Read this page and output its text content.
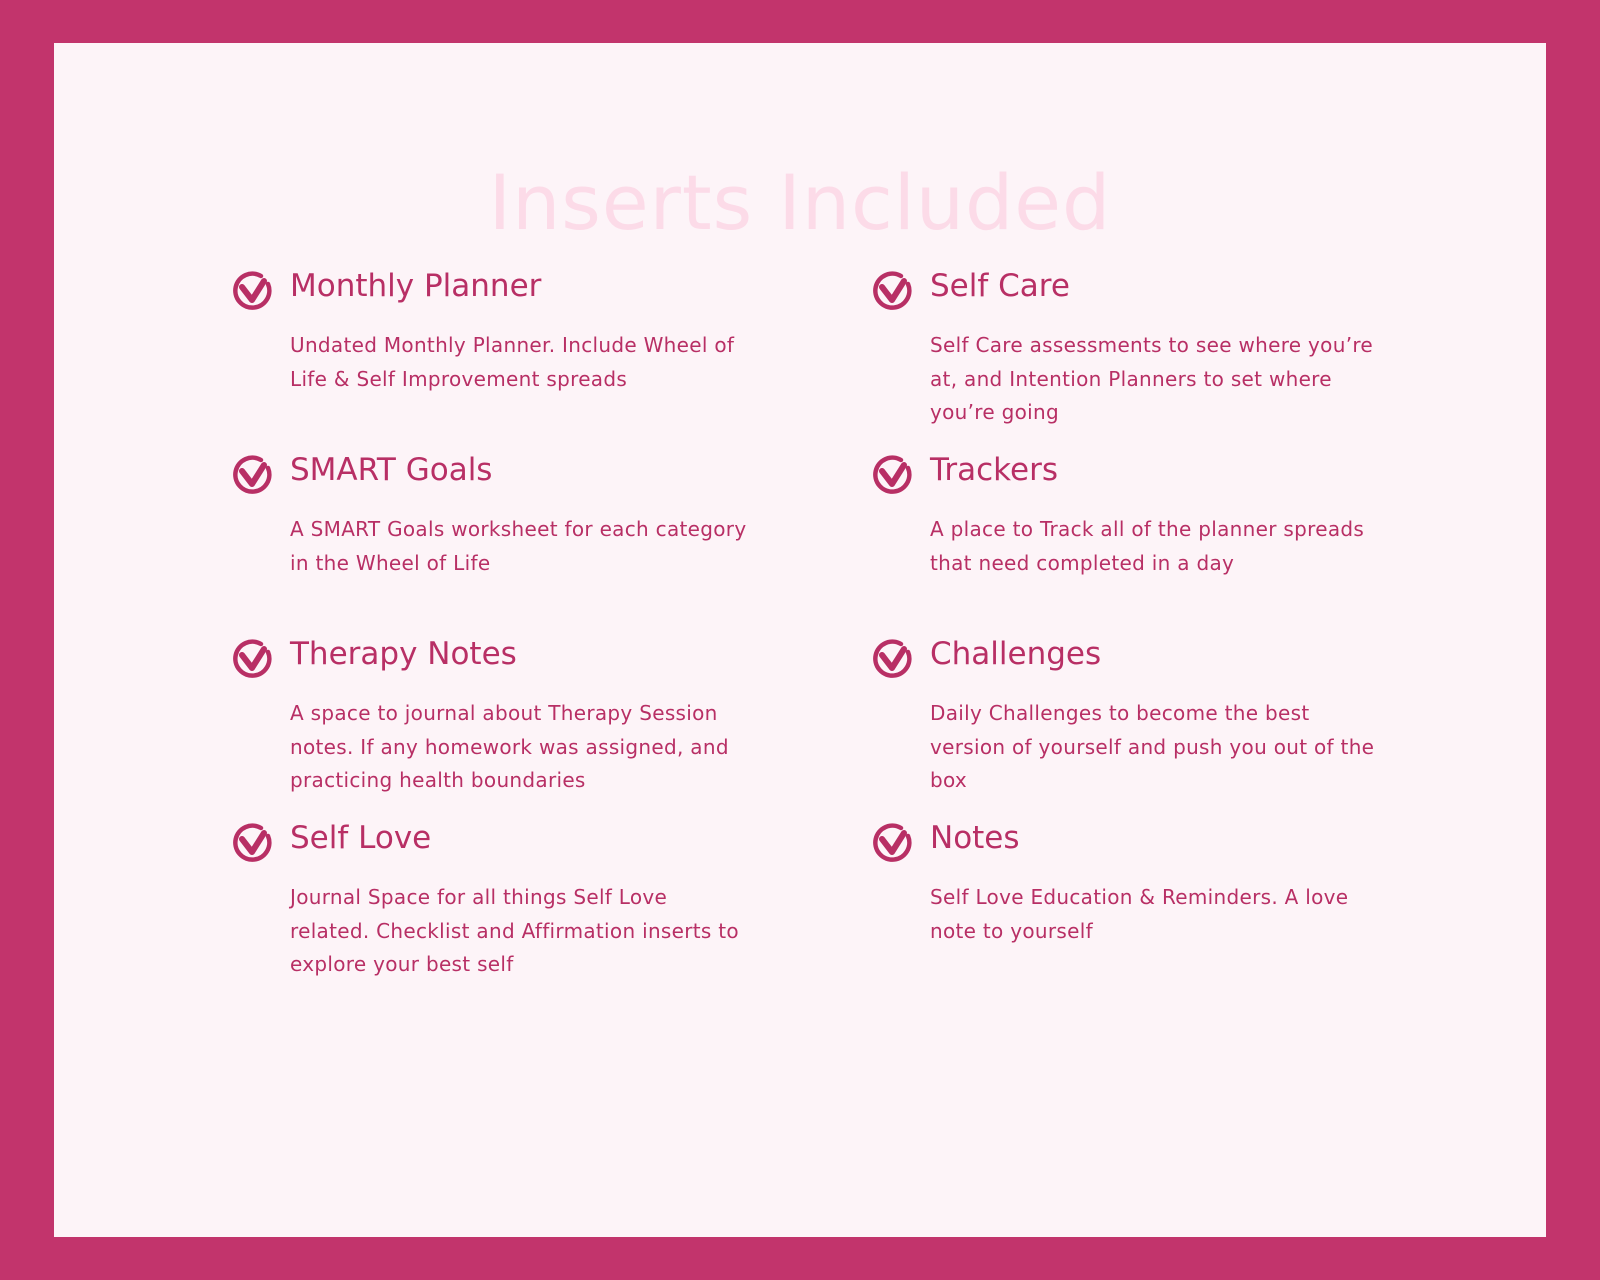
Inserts Included
Monthly Planner

Undated Monthly Planner. Include Wheel of Life & Self Improvement spreads

Self Care

Self Care assessments to see where you’re at, and Intention Planners to set where you’re going

SMART Goals

A SMART Goals worksheet for each category in the Wheel of Life

Trackers

A place to Track all of the planner spreads that need completed in a day

Therapy Notes

A space to journal about Therapy Session notes. If any homework was assigned, and practicing health boundaries

Challenges

Daily Challenges to become the best version of yourself and push you out of the box

Self Love

Journal Space for all things Self Love related. Checklist and Affirmation inserts to explore your best self

Notes

Self Love Education & Reminders. A love note to yourself
